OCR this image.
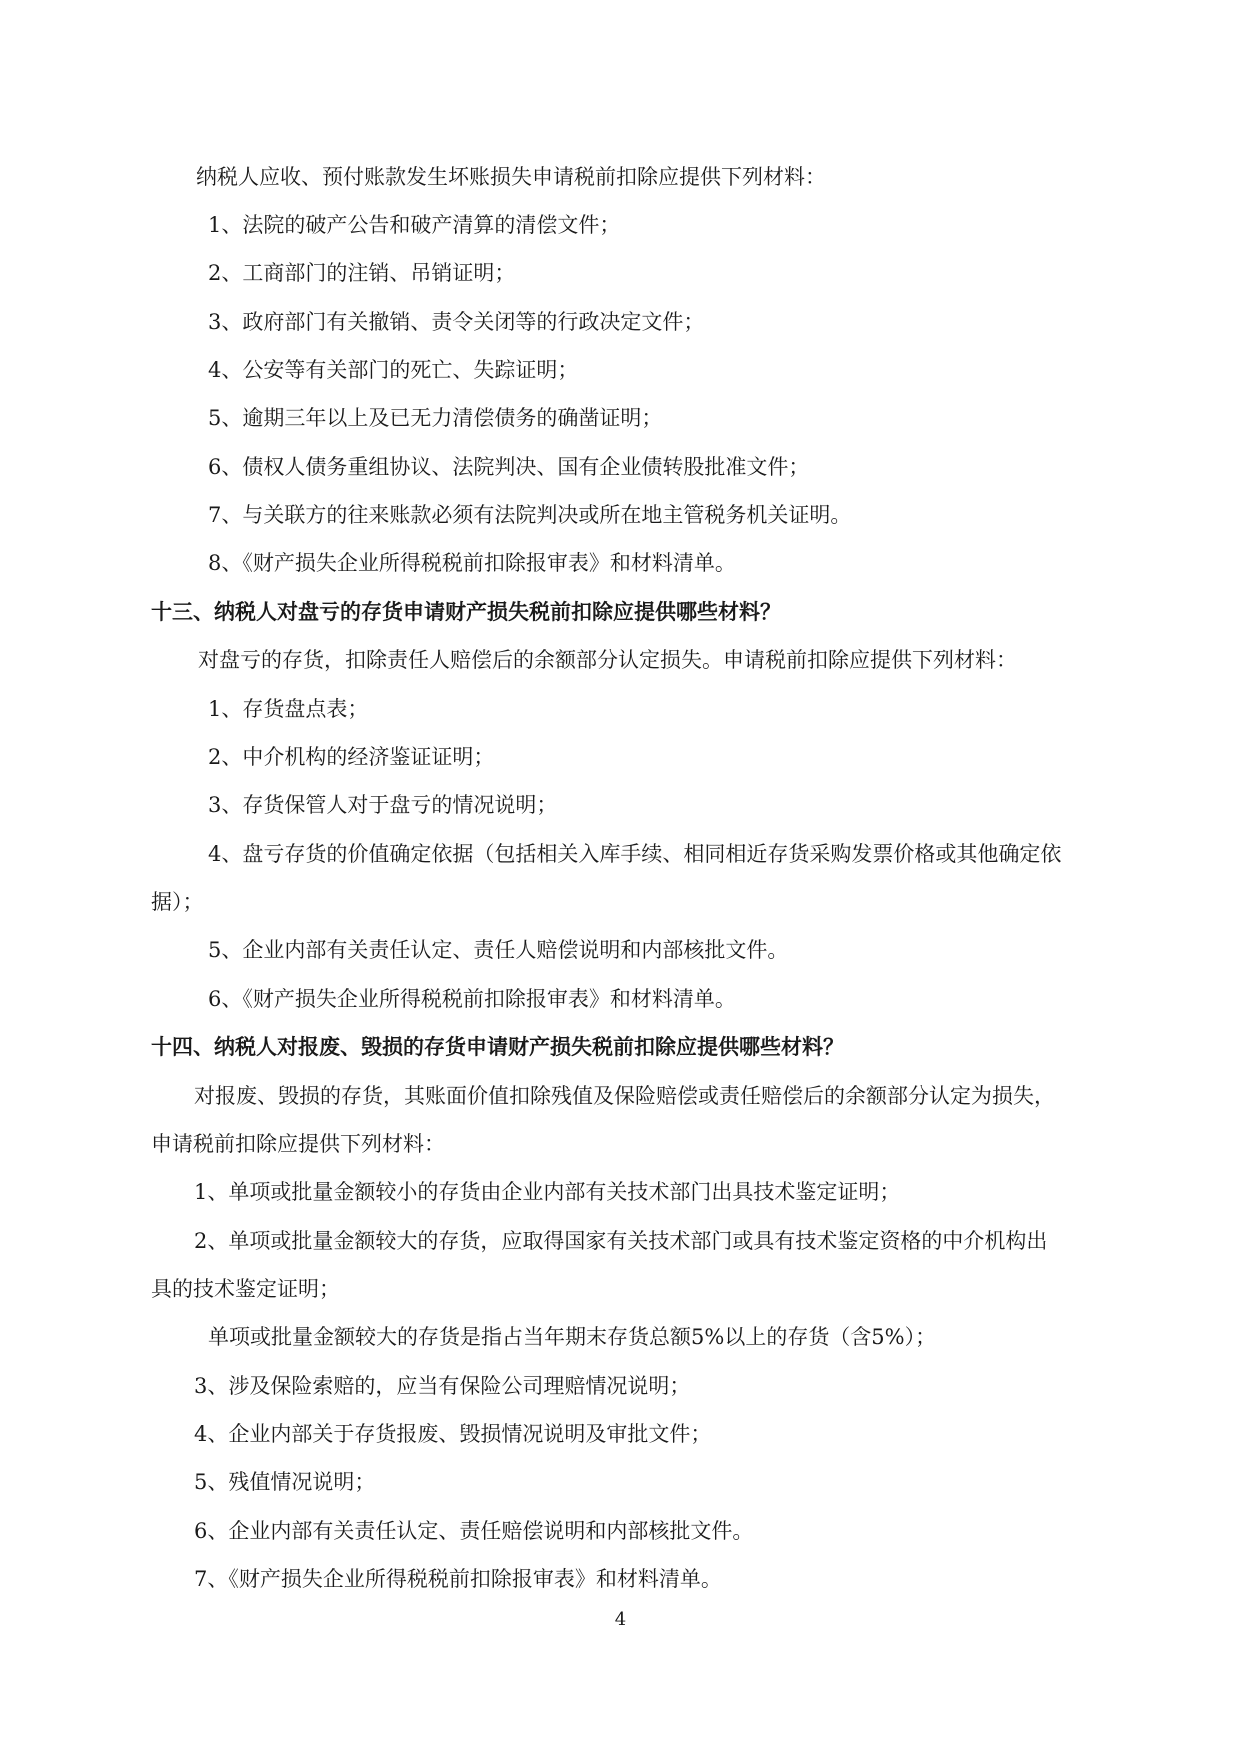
纳税人应收、预付账款发生坏账损失申请税前扣除应提供下列材料：

1、法院的破产公告和破产清算的清偿文件；

2、工商部门的注销、吊销证明；

3、政府部门有关撤销、责令关闭等的行政决定文件；

4、公安等有关部门的死亡、失踪证明；

5、逾期三年以上及已无力清偿债务的确凿证明；

6、债权人债务重组协议、法院判决、国有企业债转股批准文件；

7、与关联方的往来账款必须有法院判决或所在地主管税务机关证明。

8、《财产损失企业所得税税前扣除报审表》和材料清单。

十三、纳税人对盘亏的存货申请财产损失税前扣除应提供哪些材料？

对盘亏的存货，扣除责任人赔偿后的余额部分认定损失。申请税前扣除应提供下列材料：

1、存货盘点表；

2、中介机构的经济鉴证证明；

3、存货保管人对于盘亏的情况说明；

4、盘亏存货的价值确定依据（包括相关入库手续、相同相近存货采购发票价格或其他确定依

据）；

5、企业内部有关责任认定、责任人赔偿说明和内部核批文件。

6、《财产损失企业所得税税前扣除报审表》和材料清单。

十四、纳税人对报废、毁损的存货申请财产损失税前扣除应提供哪些材料？

对报废、毁损的存货，其账面价值扣除残值及保险赔偿或责任赔偿后的余额部分认定为损失，

申请税前扣除应提供下列材料：

1、单项或批量金额较小的存货由企业内部有关技术部门出具技术鉴定证明；

2、单项或批量金额较大的存货，应取得国家有关技术部门或具有技术鉴定资格的中介机构出

具的技术鉴定证明；

单项或批量金额较大的存货是指占当年期末存货总额5%以上的存货（含5%）；

3、涉及保险索赔的，应当有保险公司理赔情况说明；

4、企业内部关于存货报废、毁损情况说明及审批文件；

5、残值情况说明；

6、企业内部有关责任认定、责任赔偿说明和内部核批文件。

7、《财产损失企业所得税税前扣除报审表》和材料清单。

4
